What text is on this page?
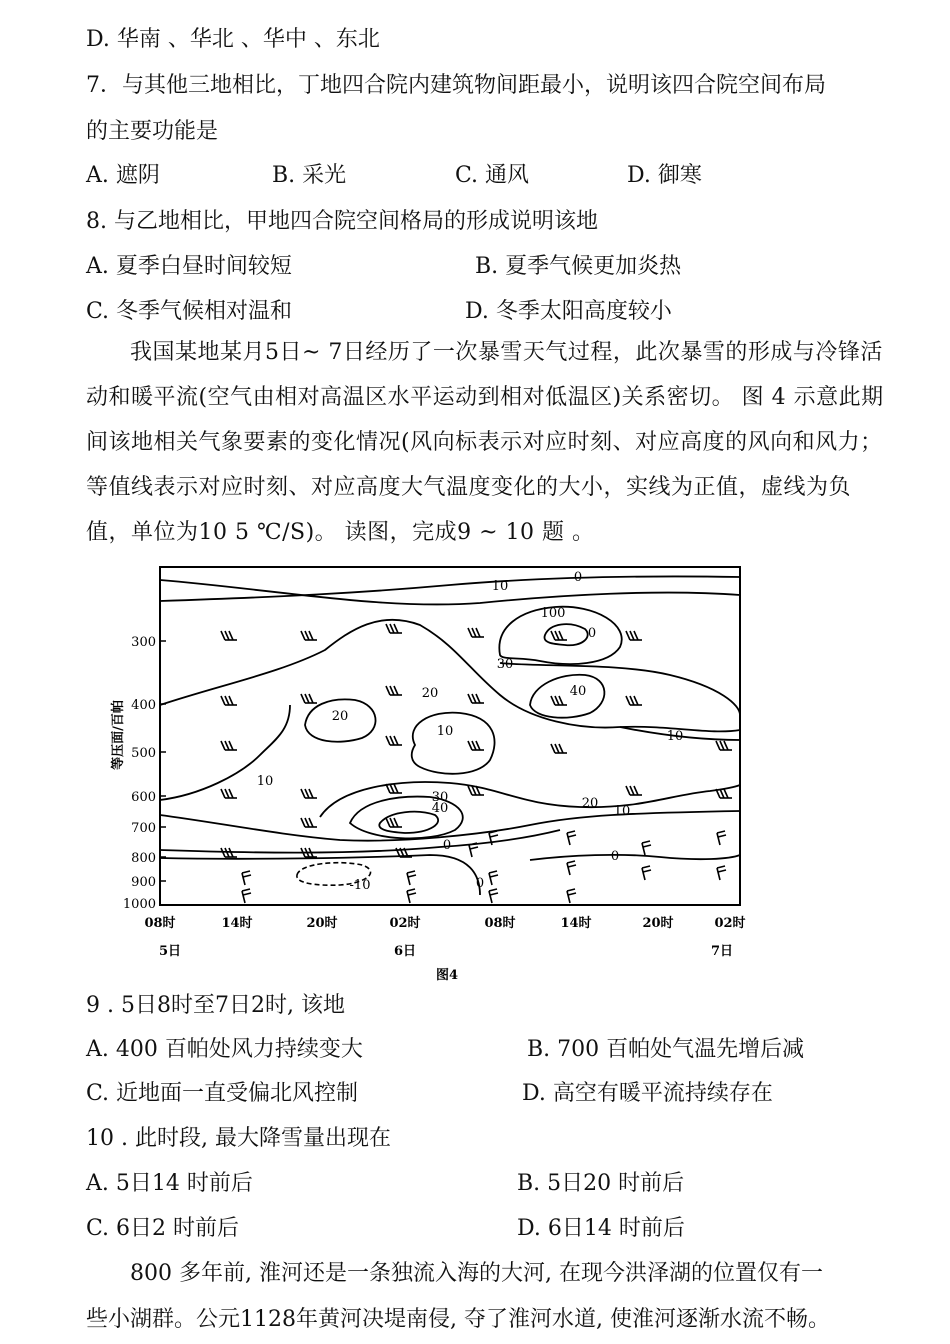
D. 华南 、华北 、华中 、东北
7．与其他三地相比，丁地四合院内建筑物间距最小，说明该四合院空间布局
的主要功能是
A. 遮阴	B. 采光	C. 通风	D. 御寒
8. 与乙地相比，甲地四合院空间格局的形成说明该地
A. 夏季白昼时间较短	B. 夏季气候更加炎热
C. 冬季气候相对温和	D. 冬季太阳高度较小
我国某地某月5日~ 7日经历了一次暴雪天气过程，此次暴雪的形成与冷锋活动和暖平流(空气由相对高温区水平运动到相对低温区)关系密切。 图 4 示意此期间该地相关气象要素的变化情况(风向标表示对应时刻、对应高度的风向和风力；等值线表示对应时刻、对应高度大气温度变化的大小，实线为正值，虚线为负值，单位为10 5 ℃/S)。 读图，完成9 ~ 10 题 。
等压面/百帕
300
400
500
600
700
800
900
1000
08时	14时	20时	02时	08时	14时	20时	02时
5日	6日	7日
图4
0
10
100
0
30
40
20
20
10	10
10
30
40	20
10
0
0
0
-10
9 . 5日8时至7日2时, 该地
A. 400 百帕处风力持续变大	B. 700 百帕处气温先增后减
C. 近地面一直受偏北风控制	D. 高空有暖平流持续存在
10 . 此时段, 最大降雪量出现在
A. 5日14 时前后	B. 5日20 时前后
C. 6日2 时前后	D. 6日14 时前后
800 多年前, 淮河还是一条独流入海的大河, 在现今洪泽湖的位置仅有一
些小湖群。公元1128年黄河决堤南侵, 夺了淮河水道, 使淮河逐渐水流不畅。
